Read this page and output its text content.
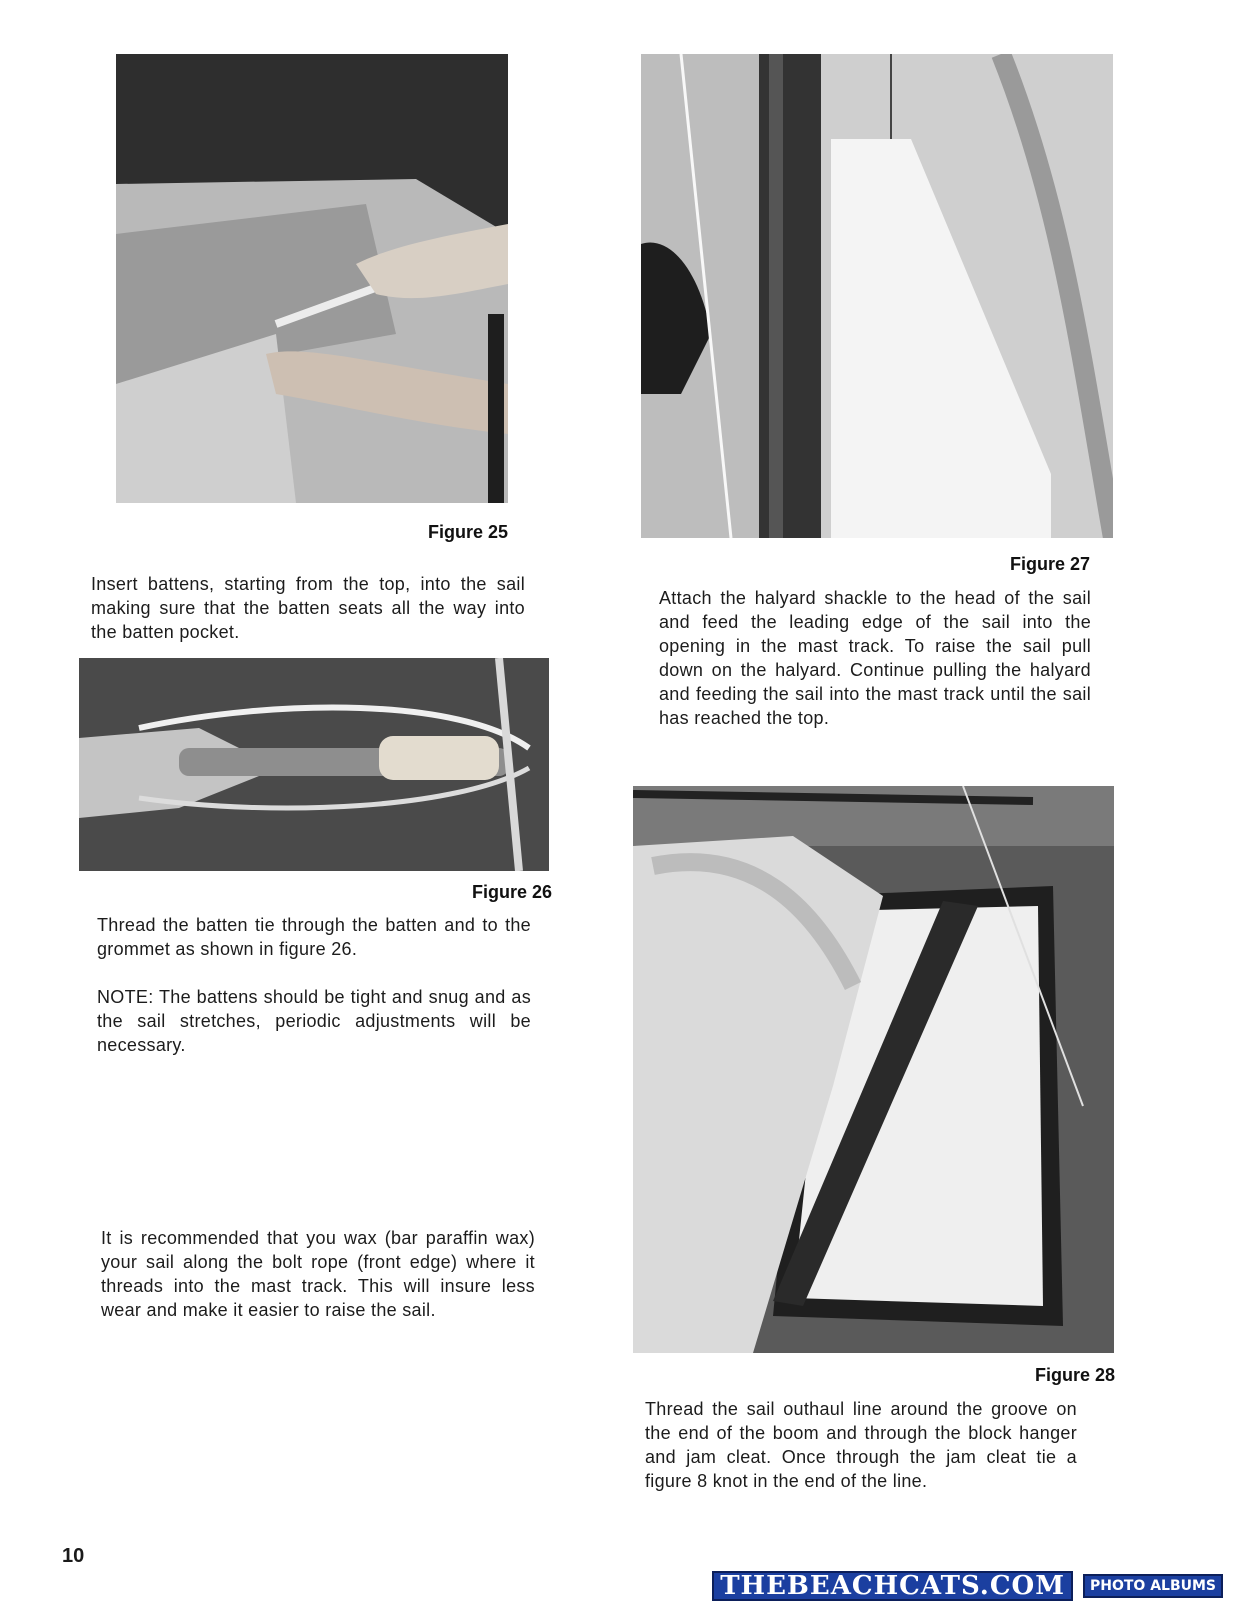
Figure 25

Insert battens, starting from the top, into the sail making sure that the batten seats all the way into the batten pocket.

Figure 26

Thread the batten tie through the batten and to the grommet as shown in figure 26.

NOTE: The battens should be tight and snug and as the sail stretches, periodic adjustments will be necessary.

It is recommended that you wax (bar paraffin wax) your sail along the bolt rope (front edge) where it threads into the mast track. This will insure less wear and make it easier to raise the sail.

Figure 27

Attach the halyard shackle to the head of the sail and feed the leading edge of the sail into the opening in the mast track. To raise the sail pull down on the halyard. Continue pulling the halyard and feeding the sail into the mast track until the sail has reached the top.

Figure 28

Thread the sail outhaul line around the groove on the end of the boom and through the block hanger and jam cleat. Once through the jam cleat tie a figure 8 knot in the end of the line.

10
THEBEACHCATS.COM	PHOTO ALBUMS
